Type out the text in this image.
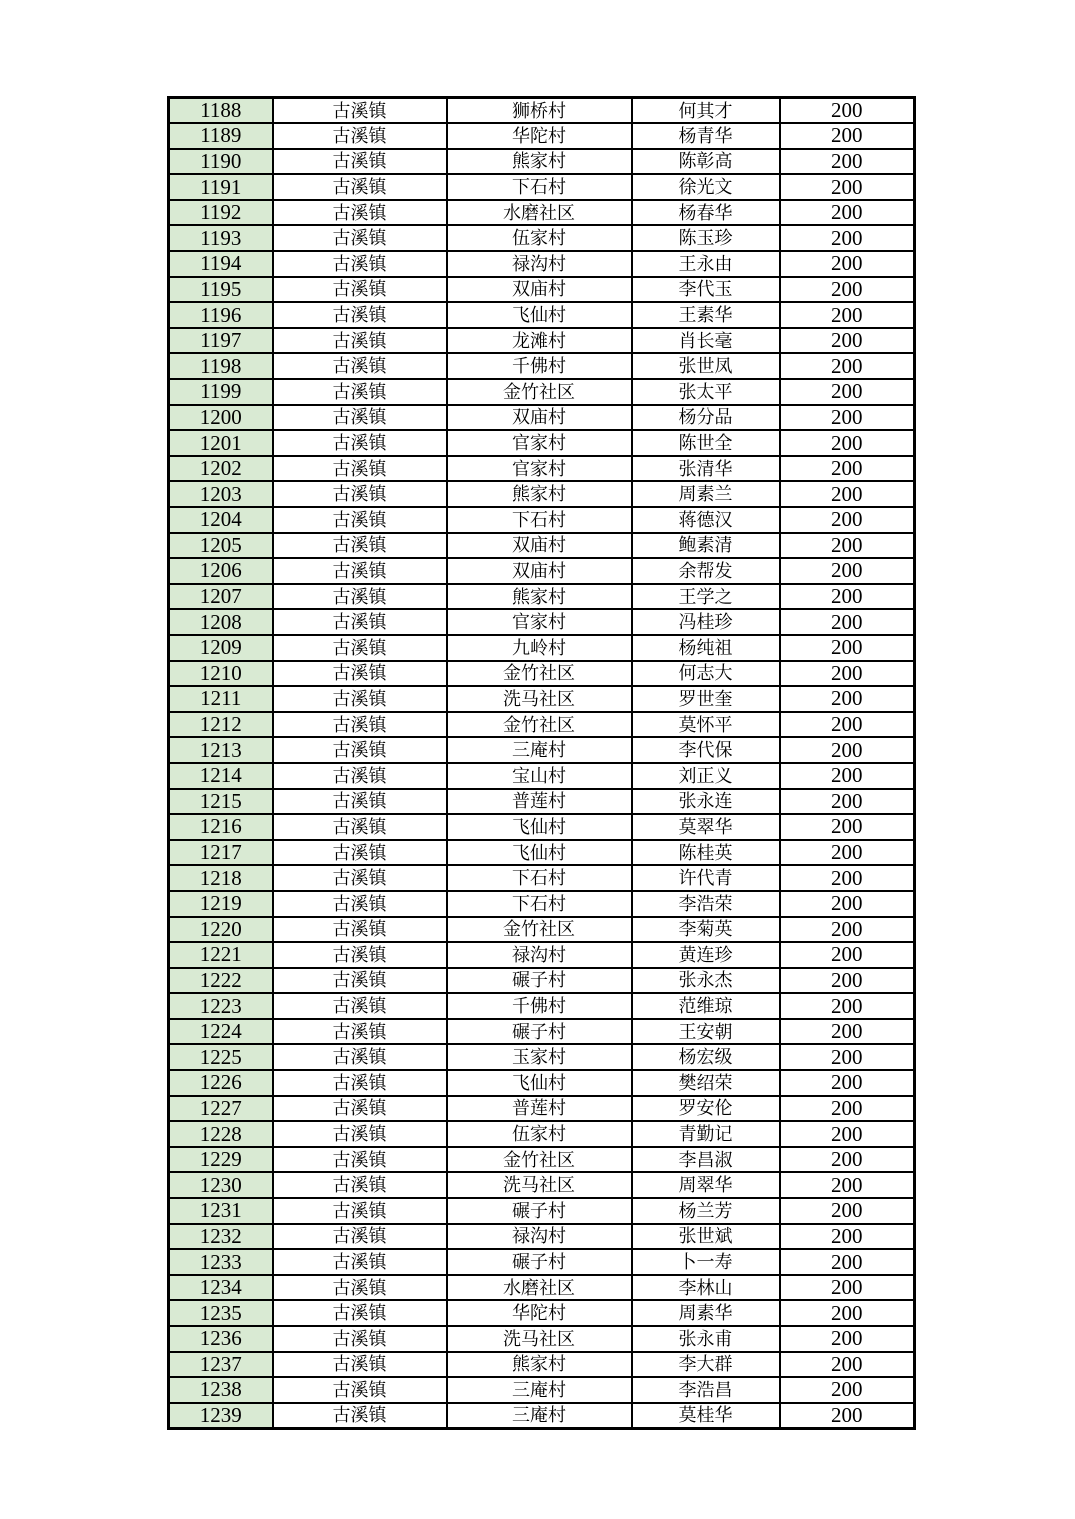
1188	古溪镇	狮桥村	何其才	200
1189	古溪镇	华陀村	杨青华	200
1190	古溪镇	熊家村	陈彰高	200
1191	古溪镇	下石村	徐光文	200
1192	古溪镇	水磨社区	杨春华	200
1193	古溪镇	伍家村	陈玉珍	200
1194	古溪镇	禄沟村	王永由	200
1195	古溪镇	双庙村	李代玉	200
1196	古溪镇	飞仙村	王素华	200
1197	古溪镇	龙滩村	肖长毫	200
1198	古溪镇	千佛村	张世凤	200
1199	古溪镇	金竹社区	张太平	200
1200	古溪镇	双庙村	杨分品	200
1201	古溪镇	官家村	陈世全	200
1202	古溪镇	官家村	张清华	200
1203	古溪镇	熊家村	周素兰	200
1204	古溪镇	下石村	蒋德汉	200
1205	古溪镇	双庙村	鲍素清	200
1206	古溪镇	双庙村	余帮发	200
1207	古溪镇	熊家村	王学之	200
1208	古溪镇	官家村	冯桂珍	200
1209	古溪镇	九岭村	杨纯祖	200
1210	古溪镇	金竹社区	何志大	200
1211	古溪镇	洗马社区	罗世奎	200
1212	古溪镇	金竹社区	莫怀平	200
1213	古溪镇	三庵村	李代保	200
1214	古溪镇	宝山村	刘正义	200
1215	古溪镇	普莲村	张永连	200
1216	古溪镇	飞仙村	莫翠华	200
1217	古溪镇	飞仙村	陈桂英	200
1218	古溪镇	下石村	许代青	200
1219	古溪镇	下石村	李浩荣	200
1220	古溪镇	金竹社区	李菊英	200
1221	古溪镇	禄沟村	黄连珍	200
1222	古溪镇	碾子村	张永杰	200
1223	古溪镇	千佛村	范维琼	200
1224	古溪镇	碾子村	王安朝	200
1225	古溪镇	玉家村	杨宏级	200
1226	古溪镇	飞仙村	樊绍荣	200
1227	古溪镇	普莲村	罗安伦	200
1228	古溪镇	伍家村	青勤记	200
1229	古溪镇	金竹社区	李昌淑	200
1230	古溪镇	洗马社区	周翠华	200
1231	古溪镇	碾子村	杨兰芳	200
1232	古溪镇	禄沟村	张世斌	200
1233	古溪镇	碾子村	卜一寿	200
1234	古溪镇	水磨社区	李林山	200
1235	古溪镇	华陀村	周素华	200
1236	古溪镇	洗马社区	张永甫	200
1237	古溪镇	熊家村	李大群	200
1238	古溪镇	三庵村	李浩昌	200
1239	古溪镇	三庵村	莫桂华	200
